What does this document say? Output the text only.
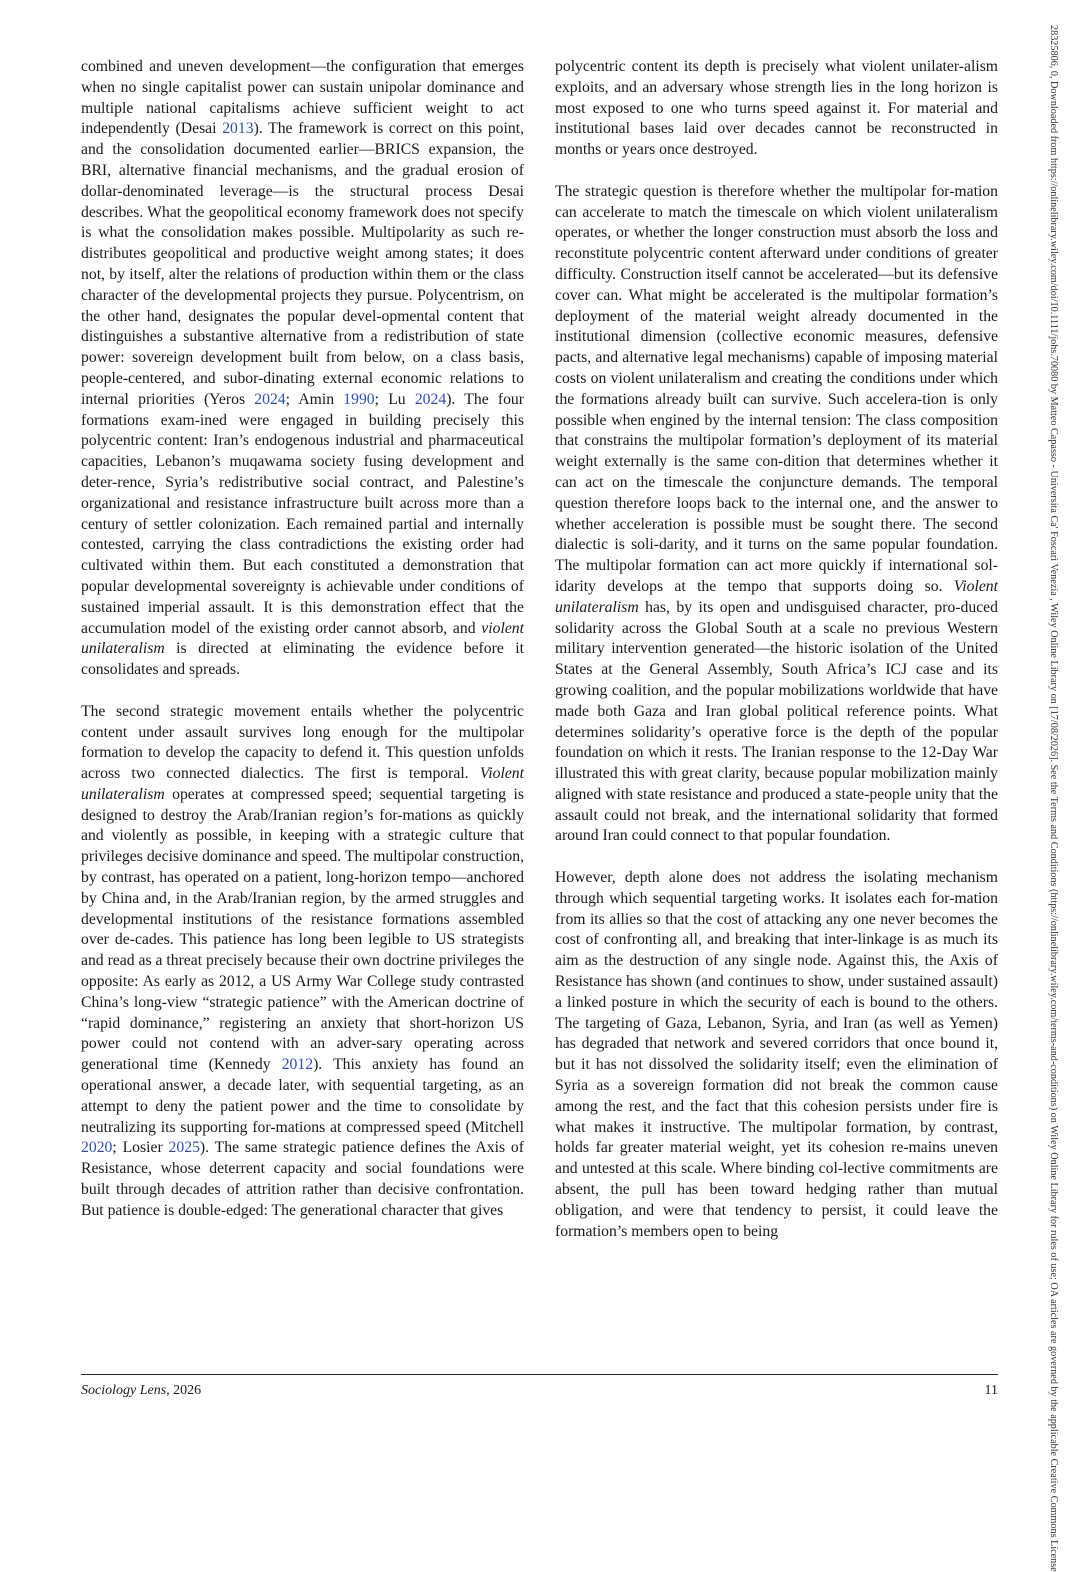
combined and uneven development—the configuration that emerges when no single capitalist power can sustain unipolar dominance and multiple national capitalisms achieve sufficient weight to act independently (Desai 2013). The framework is correct on this point, and the consolidation documented earlier—BRICS expansion, the BRI, alternative financial mechanisms, and the gradual erosion of dollar-denominated leverage—is the structural process Desai describes. What the geopolitical economy framework does not specify is what the consolidation makes possible. Multipolarity as such re-distributes geopolitical and productive weight among states; it does not, by itself, alter the relations of production within them or the class character of the developmental projects they pursue. Polycentrism, on the other hand, designates the popular devel-opmental content that distinguishes a substantive alternative from a redistribution of state power: sovereign development built from below, on a class basis, people-centered, and subor-dinating external economic relations to internal priorities (Yeros 2024; Amin 1990; Lu 2024). The four formations exam-ined were engaged in building precisely this polycentric content: Iran’s endogenous industrial and pharmaceutical capacities, Lebanon’s muqawama society fusing development and deter-rence, Syria’s redistributive social contract, and Palestine’s organizational and resistance infrastructure built across more than a century of settler colonization. Each remained partial and internally contested, carrying the class contradictions the existing order had cultivated within them. But each constituted a demonstration that popular developmental sovereignty is achievable under conditions of sustained imperial assault. It is this demonstration effect that the accumulation model of the existing order cannot absorb, and violent unilateralism is directed at eliminating the evidence before it consolidates and spreads.

The second strategic movement entails whether the polycentric content under assault survives long enough for the multipolar formation to develop the capacity to defend it. This question unfolds across two connected dialectics. The first is temporal. Violent unilateralism operates at compressed speed; sequential targeting is designed to destroy the Arab/Iranian region’s for-mations as quickly and violently as possible, in keeping with a strategic culture that privileges decisive dominance and speed. The multipolar construction, by contrast, has operated on a patient, long-horizon tempo—anchored by China and, in the Arab/Iranian region, by the armed struggles and developmental institutions of the resistance formations assembled over de-cades. This patience has long been legible to US strategists and read as a threat precisely because their own doctrine privileges the opposite: As early as 2012, a US Army War College study contrasted China’s long-view “strategic patience” with the American doctrine of “rapid dominance,” registering an anxiety that short-horizon US power could not contend with an adver-sary operating across generational time (Kennedy 2012). This anxiety has found an operational answer, a decade later, with sequential targeting, as an attempt to deny the patient power and the time to consolidate by neutralizing its supporting for-mations at compressed speed (Mitchell 2020; Losier 2025). The same strategic patience defines the Axis of Resistance, whose deterrent capacity and social foundations were built through decades of attrition rather than decisive confrontation. But patience is double-edged: The generational character that gives

polycentric content its depth is precisely what violent unilater-alism exploits, and an adversary whose strength lies in the long horizon is most exposed to one who turns speed against it. For material and institutional bases laid over decades cannot be reconstructed in months or years once destroyed.

The strategic question is therefore whether the multipolar for-mation can accelerate to match the timescale on which violent unilateralism operates, or whether the longer construction must absorb the loss and reconstitute polycentric content afterward under conditions of greater difficulty. Construction itself cannot be accelerated—but its defensive cover can. What might be accelerated is the multipolar formation’s deployment of the material weight already documented in the institutional dimension (collective economic measures, defensive pacts, and alternative legal mechanisms) capable of imposing material costs on violent unilateralism and creating the conditions under which the formations already built can survive. Such accelera-tion is only possible when engined by the internal tension: The class composition that constrains the multipolar formation’s deployment of its material weight externally is the same con-dition that determines whether it can act on the timescale the conjuncture demands. The temporal question therefore loops back to the internal one, and the answer to whether acceleration is possible must be sought there. The second dialectic is soli-darity, and it turns on the same popular foundation. The multipolar formation can act more quickly if international sol-idarity develops at the tempo that supports doing so. Violent unilateralism has, by its open and undisguised character, pro-duced solidarity across the Global South at a scale no previous Western military intervention generated—the historic isolation of the United States at the General Assembly, South Africa’s ICJ case and its growing coalition, and the popular mobilizations worldwide that have made both Gaza and Iran global political reference points. What determines solidarity’s operative force is the depth of the popular foundation on which it rests. The Iranian response to the 12-Day War illustrated this with great clarity, because popular mobilization mainly aligned with state resistance and produced a state-people unity that the assault could not break, and the international solidarity that formed around Iran could connect to that popular foundation.

However, depth alone does not address the isolating mechanism through which sequential targeting works. It isolates each for-mation from its allies so that the cost of attacking any one never becomes the cost of confronting all, and breaking that inter-linkage is as much its aim as the destruction of any single node. Against this, the Axis of Resistance has shown (and continues to show, under sustained assault) a linked posture in which the security of each is bound to the others. The targeting of Gaza, Lebanon, Syria, and Iran (as well as Yemen) has degraded that network and severed corridors that once bound it, but it has not dissolved the solidarity itself; even the elimination of Syria as a sovereign formation did not break the common cause among the rest, and the fact that this cohesion persists under fire is what makes it instructive. The multipolar formation, by contrast, holds far greater material weight, yet its cohesion re-mains uneven and untested at this scale. Where binding col-lective commitments are absent, the pull has been toward hedging rather than mutual obligation, and were that tendency to persist, it could leave the formation’s members open to being

Sociology Lens, 2026	11	28325806, 0, Downloaded from https://onlinelibrary.wiley.com/doi/10.1111/johs.70080 by Matteo Capasso - Universita Ca' Foscari Venezia , Wiley Online Library on [17/08/2026]. See the Terms and Conditions (https://onlinelibrary.wiley.com/terms-and-conditions) on Wiley Online Library for rules of use; OA articles are governed by the applicable Creative Commons License
